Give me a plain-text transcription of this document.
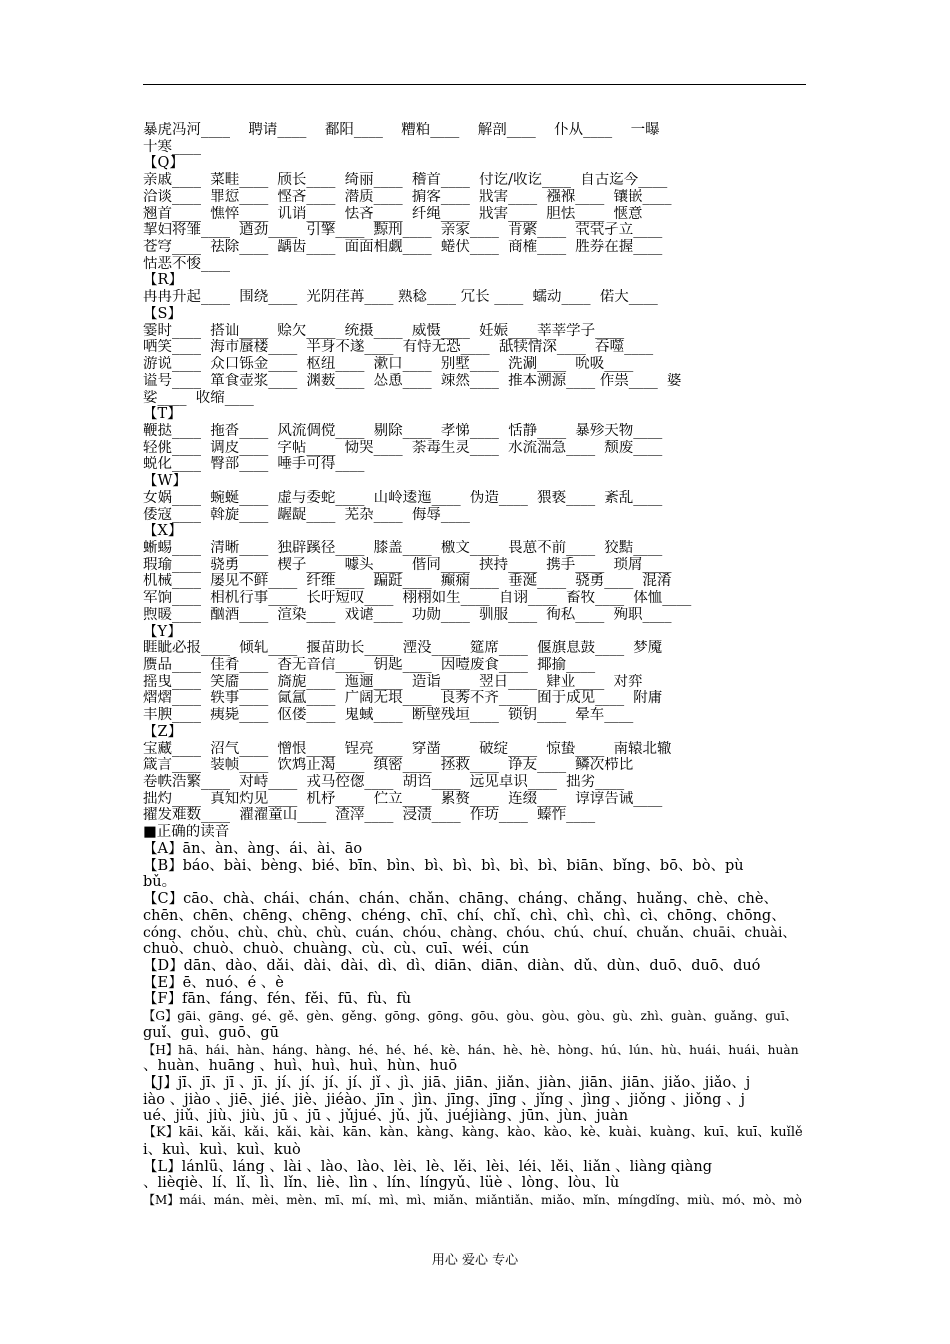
暴虎冯河____    聘请____    鄱阳____    糟粕____    解剖____    仆从____    一曝
十寒____
【Q】
亲戚____  菜畦____  颀长____  绮丽____  稽首____  付讫/收讫____  自古迄今____
洽谈____  罪愆____  悭吝____  潜质____  掮客____  戕害____  襁褓____  镶嵌____
翘首____  憔悴____  讥诮____  怯吝____  纤绳____  戕害____  胆怯____  惬意
挈妇将雏____  遒劲____  引擎____  黥刑____  亲家____  肯綮____  茕茕孑立____
苍穹____  祛除____  龋齿____  面面相觑____  蜷伏____  商榷____  胜券在握____
怙恶不悛____
【R】
冉冉升起____  围绕____  光阴荏苒____ 熟稔____ 冗长 ____  蠕动____  偌大____
【S】
霎时____  搭讪____  赊欠____  统摄____  威慑____  妊娠____莘莘学子____
哂笑____  海市蜃楼____  半身不遂____  有恃无恐____  舐犊情深____  吞噬____
游说____  众口铄金____  枢纽____  漱口____  别墅____  洗涮____  吮吸____
谥号____  箪食壶浆____  渊薮____  怂恿____  竦然____  推本溯源____ 作祟____  婆
娑____  收缩____
【T】
鞭挞____  拖沓____  风流倜傥____  剔除____  孝悌____  恬静____  暴殄天物____
轻佻____  调皮____  字帖____  恸哭____  荼毒生灵____  水流湍急____  颓废____
蜕化____  臀部____  唾手可得____
【W】
女娲____  蜿蜒____  虚与委蛇____  山岭逶迤____  伪造____  猥亵____  紊乱____
倭寇____  斡旋____  龌龊____  芜杂____  侮辱____
【X】
蜥蜴____  清晰____  独辟蹊径____  膝盖____  檄文____  畏葸不前____  狡黠____
瑕瑜____  骁勇____  楔子____  噱头____  偕同____  挟持____  携手____  琐屑____
机械____  屡见不鲜____  纤维____  蹁跹____  癫痫____  垂涎____  骁勇____  混淆
军饷____  相机行事____  长吁短叹____  栩栩如生____  自诩____  畜牧____  体恤____
煦暖____  酗酒____  渲染____  戏谑____  功勋____  驯服____  徇私____  殉职____
【Y】
睚眦必报____  倾轧____  揠苗助长____  湮没____  筵席____  偃旗息鼓____  梦魇
赝品____  佳肴____  杳无音信____  钥匙____  因噎废食____  揶揄____
摇曳____  笑靥____  旖旎____  迤逦____  造诣____  翌日____  肄业____  对弈
熠熠____  轶事____  氤氲____  广阔无垠____  良莠不齐____  囿于成见____  附庸
丰腴____  痍毙____  伛偻____  鬼蜮____  断壁残垣____  锁钥____  晕车____
【Z】
宝藏____  沼气____  憎恨____  锃亮____  穿凿____  破绽____  惊蛰____  南辕北辙
箴言____  装帧____  饮鸩止渴____  缜密____  拯救____  诤友____  鳞次栉比
卷帙浩繁____  对峙____  戎马倥偬____  胡诌____  远见卓识____  拙劣____
拙灼____  真知灼见____  机杼____  伫立____  累赘____  连缀____  谆谆告诫____
擢发难数____  濯濯童山____  渣滓____  浸渍____  作坊____  螓怍____
■正确的读音
【A】ān、àn、àng、ái、ài、āo
【B】báo、bài、bèng、bié、bīn、bìn、bì、bì、bì、bì、bì、biān、bǐng、bō、bò、pù
bǔ。
【C】cāo、chà、chái、chán、chán、chǎn、chāng、cháng、chǎng、huǎng、chè、chè、
chēn、chēn、chēng、chēng、chéng、chī、chí、chǐ、chì、chì、chì、cì、chōng、chōng、
cóng、chǒu、chù、chù、chù、cuán、chóu、chàng、chóu、chú、chuí、chuǎn、chuāi、chuài、
chuò、chuò、chuò、chuàng、cù、cù、cuī、wéi、cún
【D】dān、dào、dǎi、dài、dài、dì、dì、diān、diān、diàn、dǔ、dùn、duō、duō、duó
【E】ē、nuó、é 、è
【F】fān、fáng、fén、fěi、fū、fù、fù
【G】gāi、gāng、gé、gě、gèn、gěng、gōng、gōng、gōu、gòu、gòu、gòu、gù、zhì、guàn、guǎng、guī、
guǐ、guì、guō、gū
【H】hā、hái、hàn、háng、hàng、hé、hé、hé、kè、hán、hè、hè、hòng、hú、lún、hù、huái、huái、huàn
、huàn、huāng 、huì、huì、huì、hùn、huō
【J】jī、jī、jī 、jī、jí、jí、jí、jí、jǐ 、jì、jiā、jiān、jiǎn、jiàn、jiān、jiān、jiǎo、jiǎo、j
iào 、jiào 、jiē、jié、jiè、jiéào、jīn 、jìn、jīng、jīng 、jǐng 、jìng 、jiǒng 、jiǒng 、j
ué、jiǔ、jiù、jiù、jū 、jū 、jǔjué、jǔ、jǔ、juéjiàng、jūn、jùn、juàn
【K】kāi、kǎi、kǎi、kǎi、kài、kān、kàn、kàng、kàng、kào、kào、kè、kuài、kuàng、kuī、kuī、kuǐlě
i、kuì、kuì、kuì、kuò
【L】lánlǚ、láng 、lài 、lào、lào、lèi、lè、lěi、lèi、léi、lěi、liǎn 、liàng qiàng
、lièqiè、lí、lǐ、lì、lǐn、liè、lìn 、lín、língyǔ、lüè 、lòng、lòu、lù
【M】mái、mán、mèi、mèn、mī、mí、mì、mì、miǎn、miǎntiǎn、miǎo、mǐn、míngdǐng、miù、mó、mò、mò
用心 爱心 专心
